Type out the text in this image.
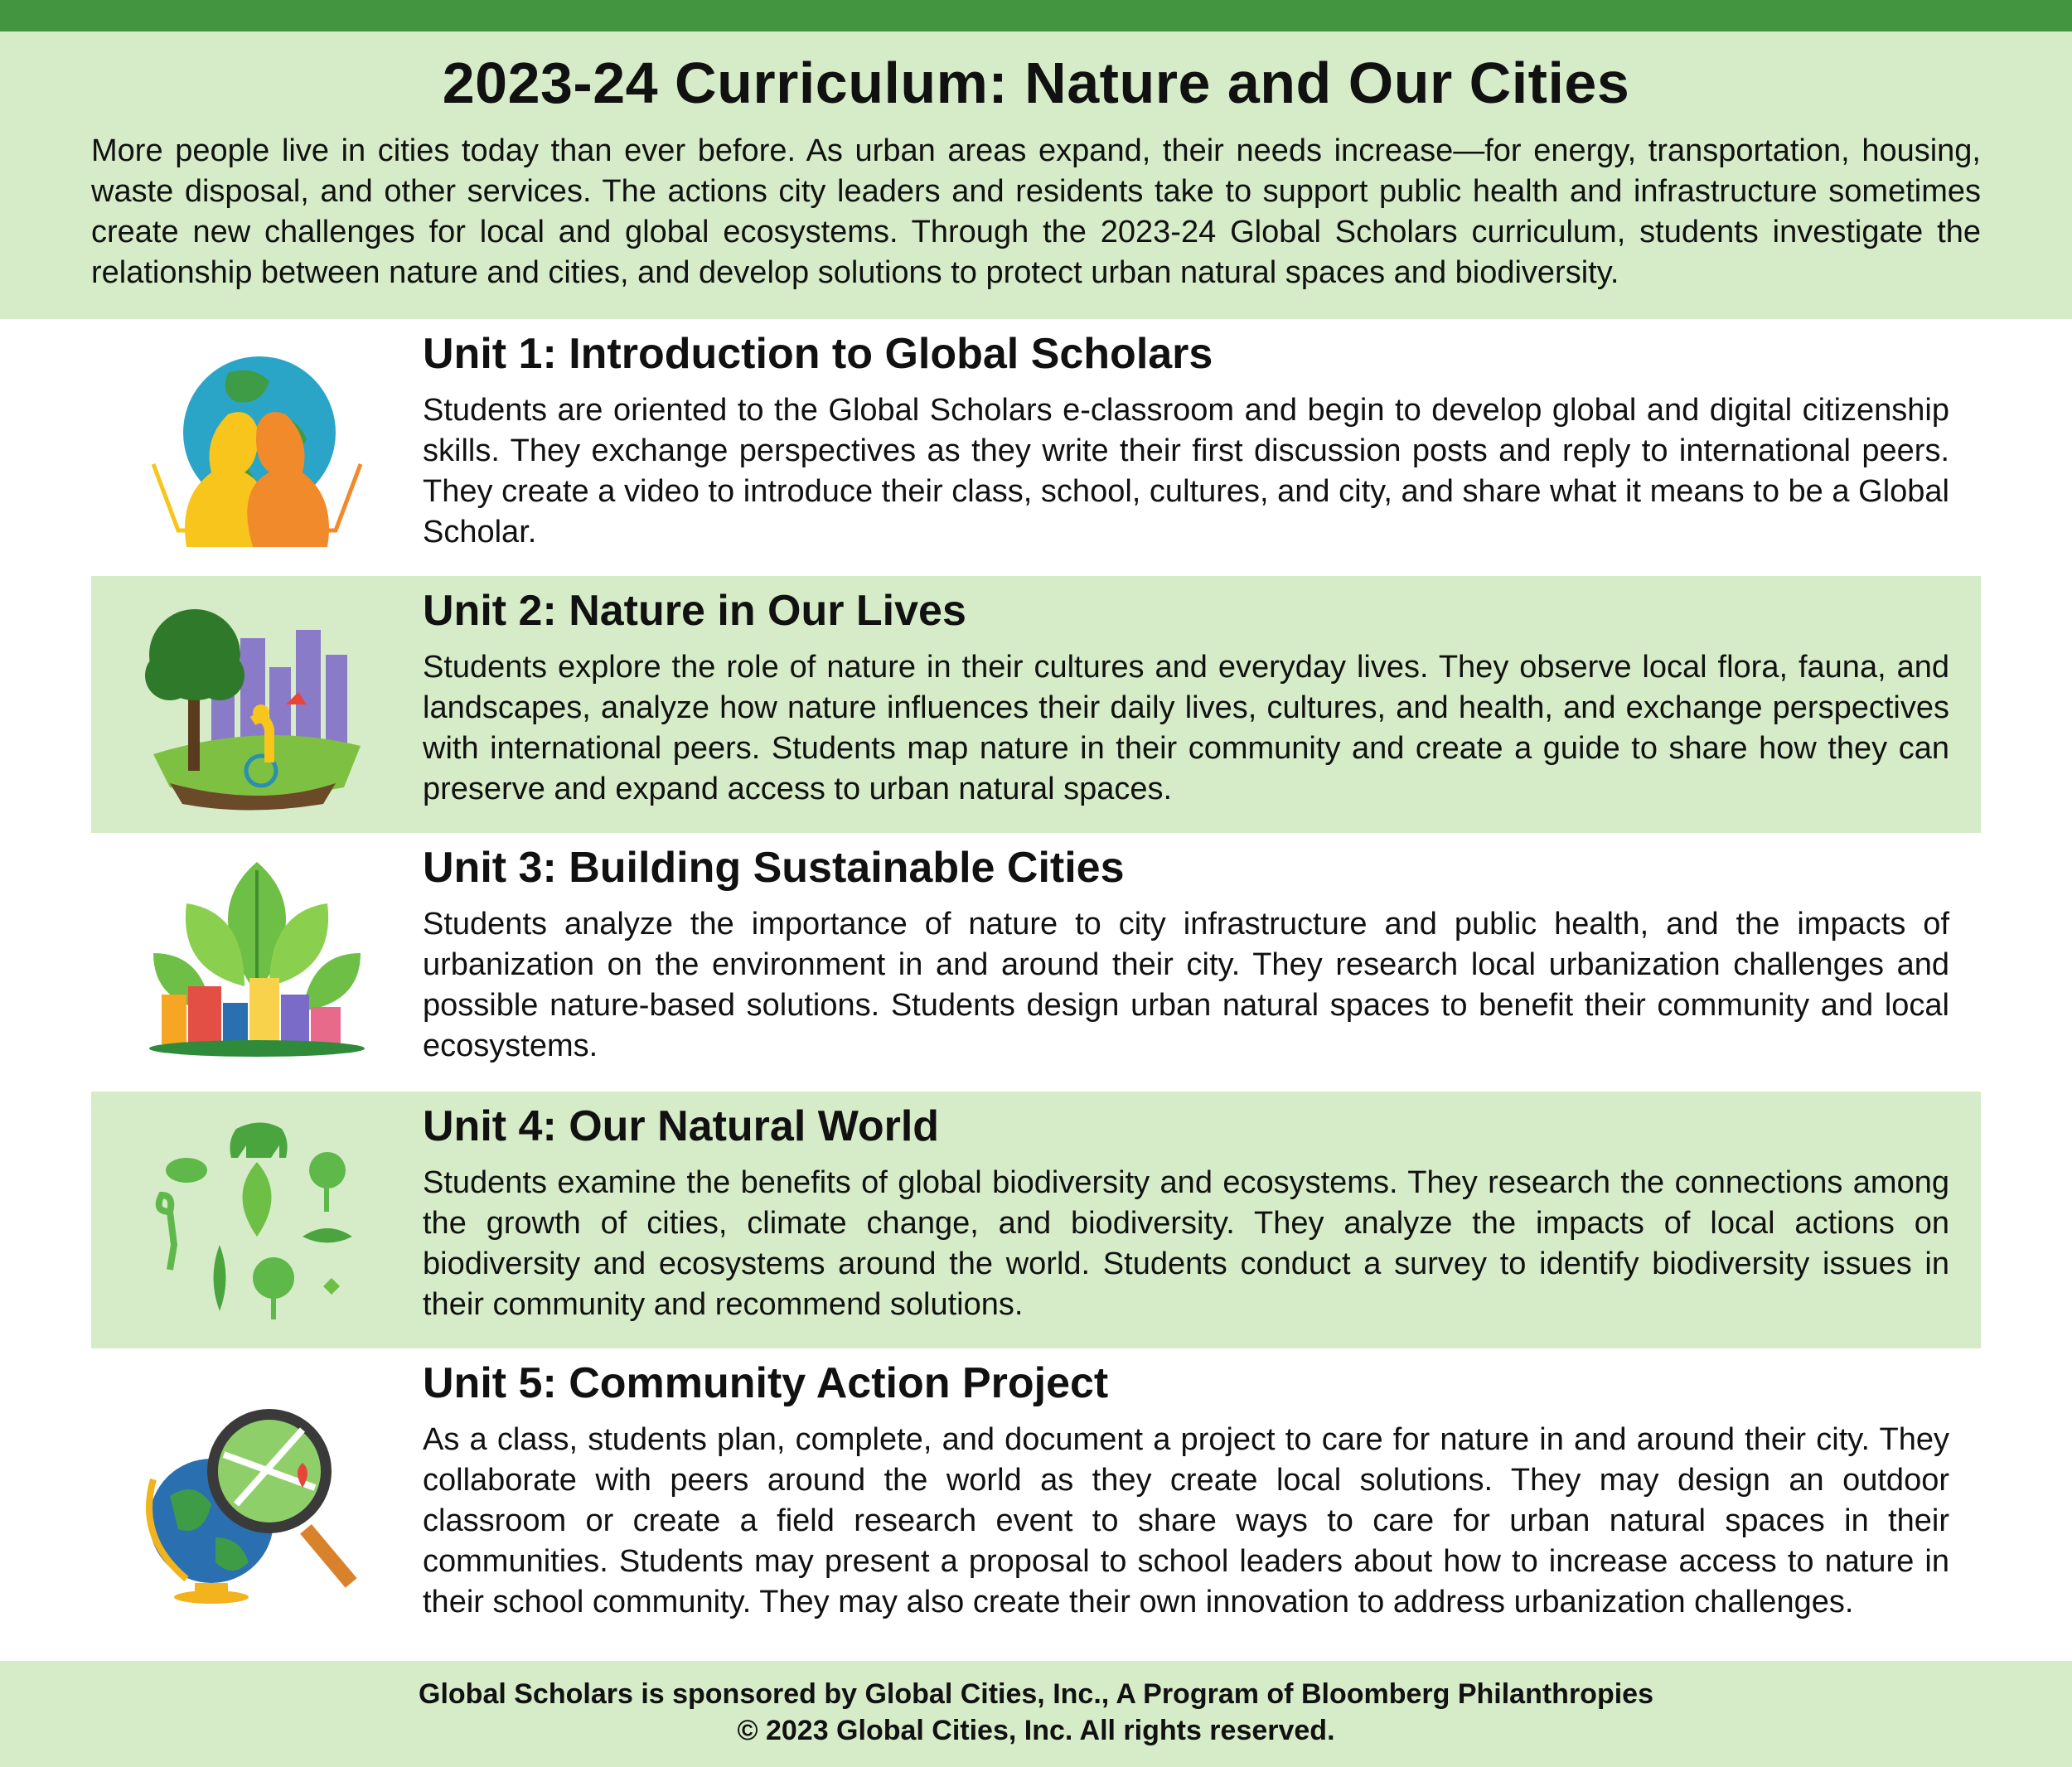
2023-24 Curriculum: Nature and Our Cities

More people live in cities today than ever before. As urban areas expand, their needs increase—for energy, transportation, housing, waste disposal, and other services. The actions city leaders and residents take to support public health and infrastructure sometimes create new challenges for local and global ecosystems. Through the 2023-24 Global Scholars curriculum, students investigate the relationship between nature and cities, and develop solutions to protect urban natural spaces and biodiversity.

Unit 1: Introduction to Global Scholars

Students are oriented to the Global Scholars e-classroom and begin to develop global and digital citizenship skills. They exchange perspectives as they write their first discussion posts and reply to international peers. They create a video to introduce their class, school, cultures, and city, and share what it means to be a Global Scholar.

Unit 2: Nature in Our Lives

Students explore the role of nature in their cultures and everyday lives. They observe local flora, fauna, and landscapes, analyze how nature influences their daily lives, cultures, and health, and exchange perspectives with international peers. Students map nature in their community and create a guide to share how they can preserve and expand access to urban natural spaces.

Unit 3: Building Sustainable Cities

Students analyze the importance of nature to city infrastructure and public health, and the impacts of urbanization on the environment in and around their city. They research local urbanization challenges and possible nature-based solutions. Students design urban natural spaces to benefit their community and local ecosystems.

Unit 4: Our Natural World

Students examine the benefits of global biodiversity and ecosystems. They research the connections among the growth of cities, climate change, and biodiversity. They analyze the impacts of local actions on biodiversity and ecosystems around the world. Students conduct a survey to identify biodiversity issues in their community and recommend solutions.

Unit 5: Community Action Project

As a class, students plan, complete, and document a project to care for nature in and around their city. They collaborate with peers around the world as they create local solutions. They may design an outdoor classroom or create a field research event to share ways to care for urban natural spaces in their communities. Students may present a proposal to school leaders about how to increase access to nature in their school community. They may also create their own innovation to address urbanization challenges.

Global Scholars is sponsored by Global Cities, Inc., A Program of Bloomberg Philanthropies
© 2023 Global Cities, Inc. All rights reserved.
